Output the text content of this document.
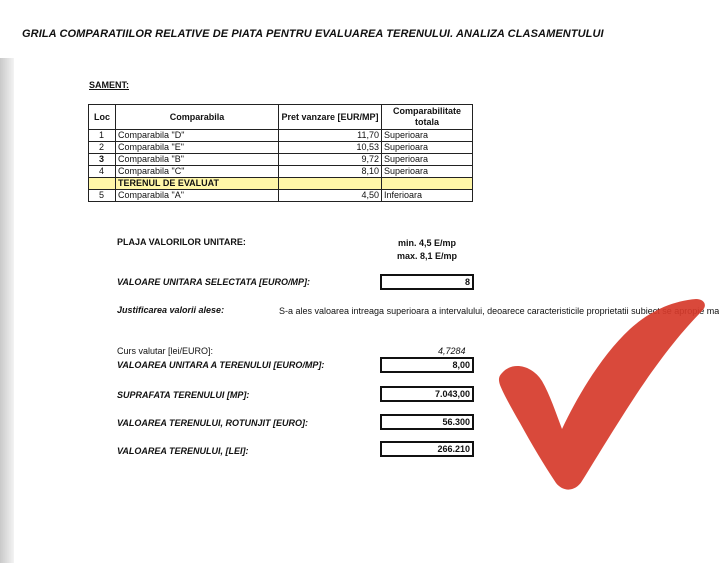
GRILA COMPARATIILOR RELATIVE DE PIATA PENTRU EVALUAREA TERENULUI. ANALIZA CLASAMENTULUI
SAMENT:
Loc	Comparabila	Pret vanzare [EUR/MP]	Comparabilitate totala
1	Comparabila "D"	11,70	Superioara
2	Comparabila "E"	10,53	Superioara
3	Comparabila "B"	9,72	Superioara
4	Comparabila "C"	8,10	Superioara
	TERENUL DE EVALUAT		
5	Comparabila "A"	4,50	Inferioara
PLAJA VALORILOR UNITARE:	min. 4,5 E/mp
max. 8,1 E/mp
VALOARE UNITARA SELECTATA [EURO/MP]:	8
Justificarea valorii alese:	S-a ales valoarea intreaga superioara a intervalului, deoarece caracteristicile proprietatii subiect se apropie ma
Curs valutar [lei/EURO]:	4,7284
VALOAREA UNITARA A TERENULUI [EURO/MP]:	8,00
SUPRAFATA TERENULUI [MP]:	7.043,00
VALOAREA TERENULUI, ROTUNJIT [EURO]:	56.300
VALOAREA TERENULUI, [LEI]:	266.210
